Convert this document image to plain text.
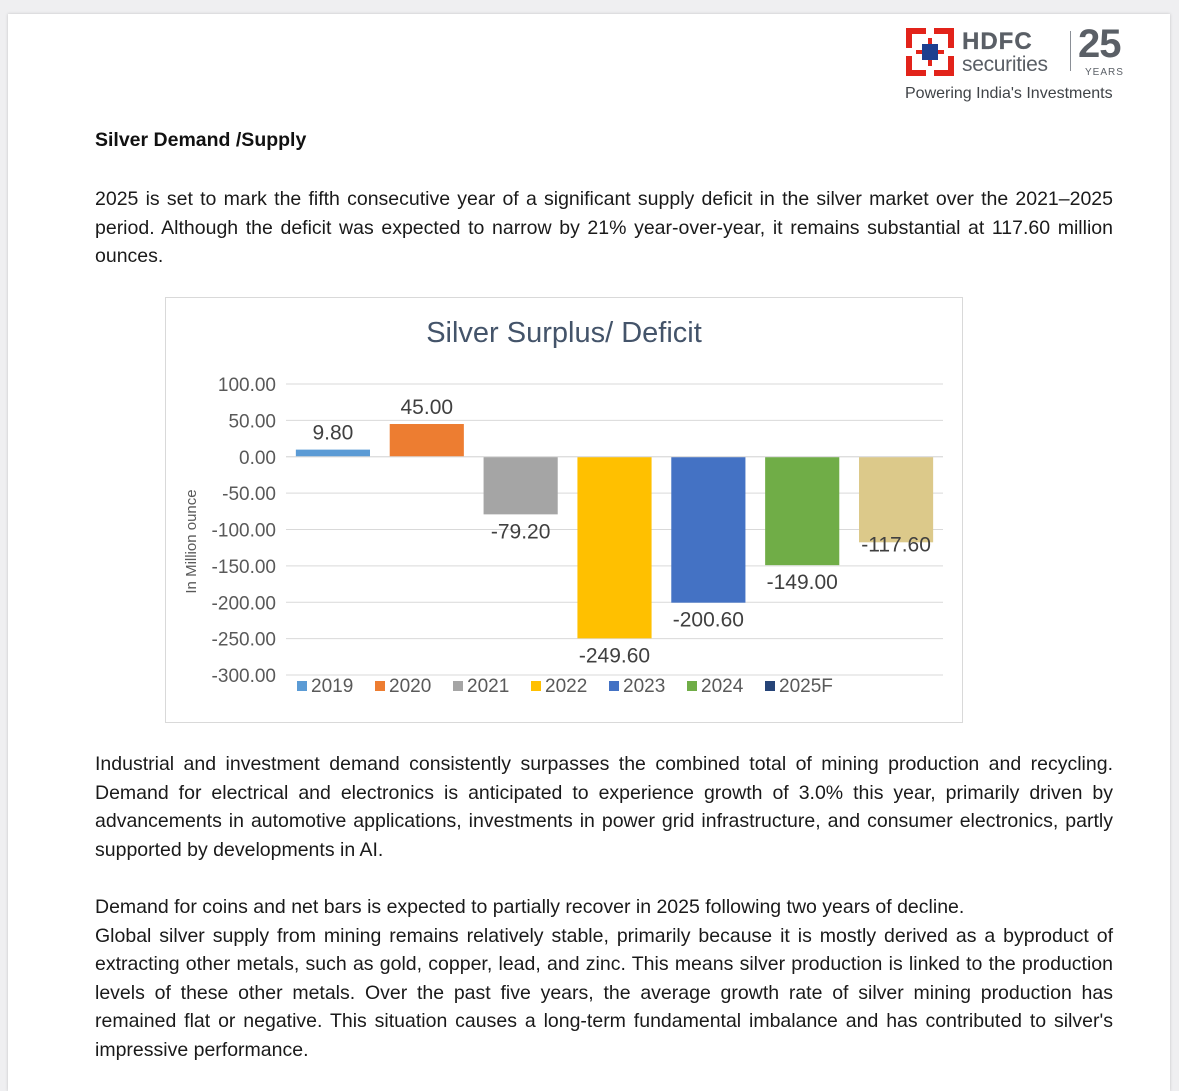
HDFC
securities 25
YEARS
Powering India's Investments
Silver Demand /Supply
2025 is set to mark the fifth consecutive year of a significant supply deficit in the silver market over the 2021–2025 period. Although the deficit was expected to narrow by 21% year-over-year, it remains substantial at 117.60 million ounces.
Silver Surplus/ Deficit
100.00
50.00
0.00
-50.00
-100.00
-150.00
-200.00
-250.00
-300.00
In Million ounce
9.80
45.00
-79.20
-249.60
-200.60
-149.00
-117.60
2019 2020 2021 2022 2023 2024 2025F
Industrial and investment demand consistently surpasses the combined total of mining production and recycling. Demand for electrical and electronics is anticipated to experience growth of 3.0% this year, primarily driven by advancements in automotive applications, investments in power grid infrastructure, and consumer electronics, partly supported by developments in AI.
Demand for coins and net bars is expected to partially recover in 2025 following two years of decline.
Global silver supply from mining remains relatively stable, primarily because it is mostly derived as a byproduct of extracting other metals, such as gold, copper, lead, and zinc. This means silver production is linked to the production levels of these other metals. Over the past five years, the average growth rate of silver mining production has remained flat or negative. This situation causes a long-term fundamental imbalance and has contributed to silver's impressive performance.
